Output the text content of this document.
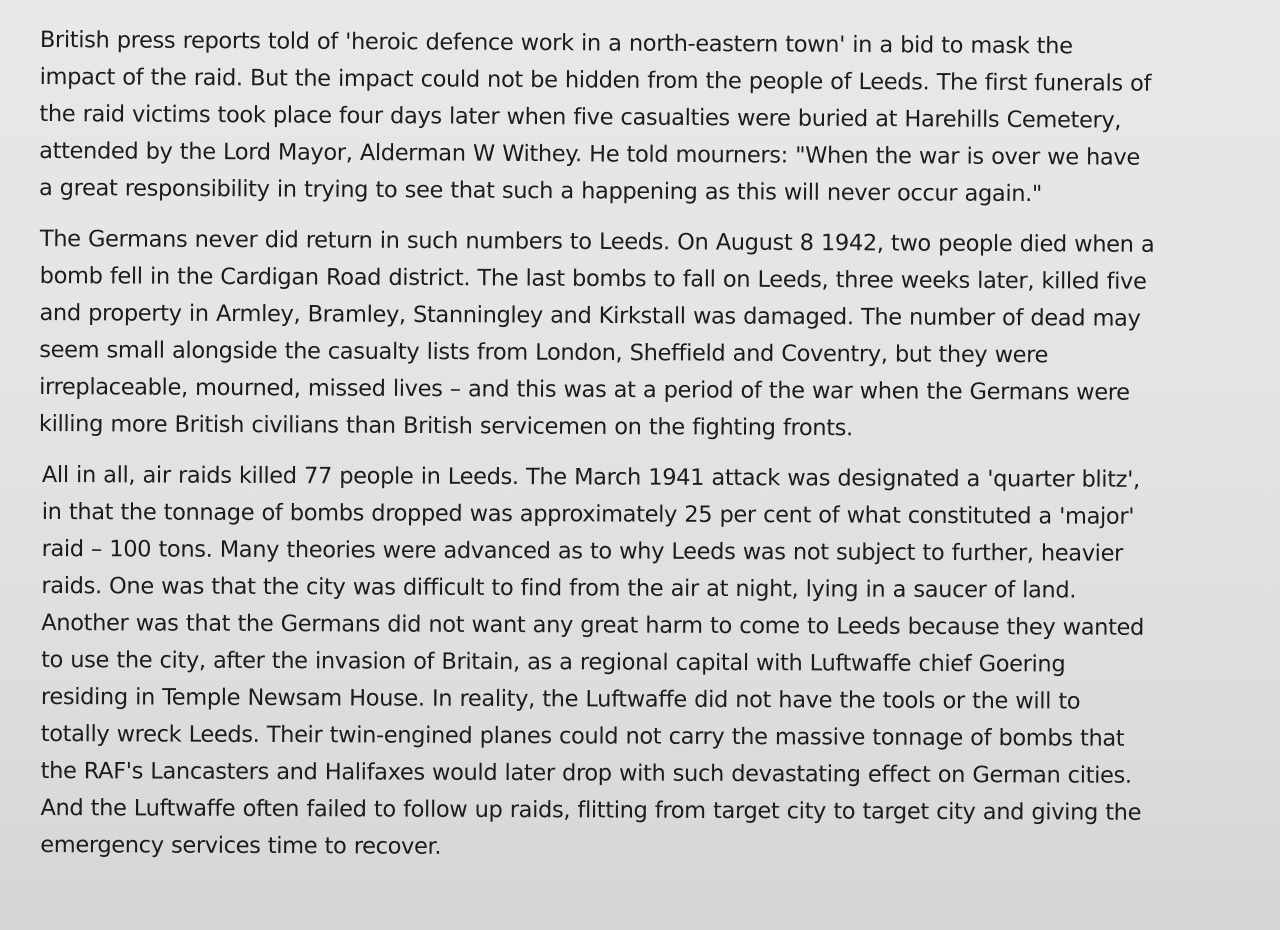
British press reports told of 'heroic defence work in a north-eastern town' in a bid to mask the
impact of the raid. But the impact could not be hidden from the people of Leeds. The first funerals of
the raid victims took place four days later when five casualties were buried at Harehills Cemetery,
attended by the Lord Mayor, Alderman W Withey. He told mourners: "When the war is over we have
a great responsibility in trying to see that such a happening as this will never occur again."

The Germans never did return in such numbers to Leeds. On August 8 1942, two people died when a
bomb fell in the Cardigan Road district. The last bombs to fall on Leeds, three weeks later, killed five
and property in Armley, Bramley, Stanningley and Kirkstall was damaged. The number of dead may
seem small alongside the casualty lists from London, Sheffield and Coventry, but they were
irreplaceable, mourned, missed lives – and this was at a period of the war when the Germans were
killing more British civilians than British servicemen on the fighting fronts.

All in all, air raids killed 77 people in Leeds. The March 1941 attack was designated a 'quarter blitz',
in that the tonnage of bombs dropped was approximately 25 per cent of what constituted a 'major'
raid – 100 tons. Many theories were advanced as to why Leeds was not subject to further, heavier
raids. One was that the city was difficult to find from the air at night, lying in a saucer of land.
Another was that the Germans did not want any great harm to come to Leeds because they wanted
to use the city, after the invasion of Britain, as a regional capital with Luftwaffe chief Goering
residing in Temple Newsam House. In reality, the Luftwaffe did not have the tools or the will to
totally wreck Leeds. Their twin-engined planes could not carry the massive tonnage of bombs that
the RAF's Lancasters and Halifaxes would later drop with such devastating effect on German cities.
And the Luftwaffe often failed to follow up raids, flitting from target city to target city and giving the
emergency services time to recover.
